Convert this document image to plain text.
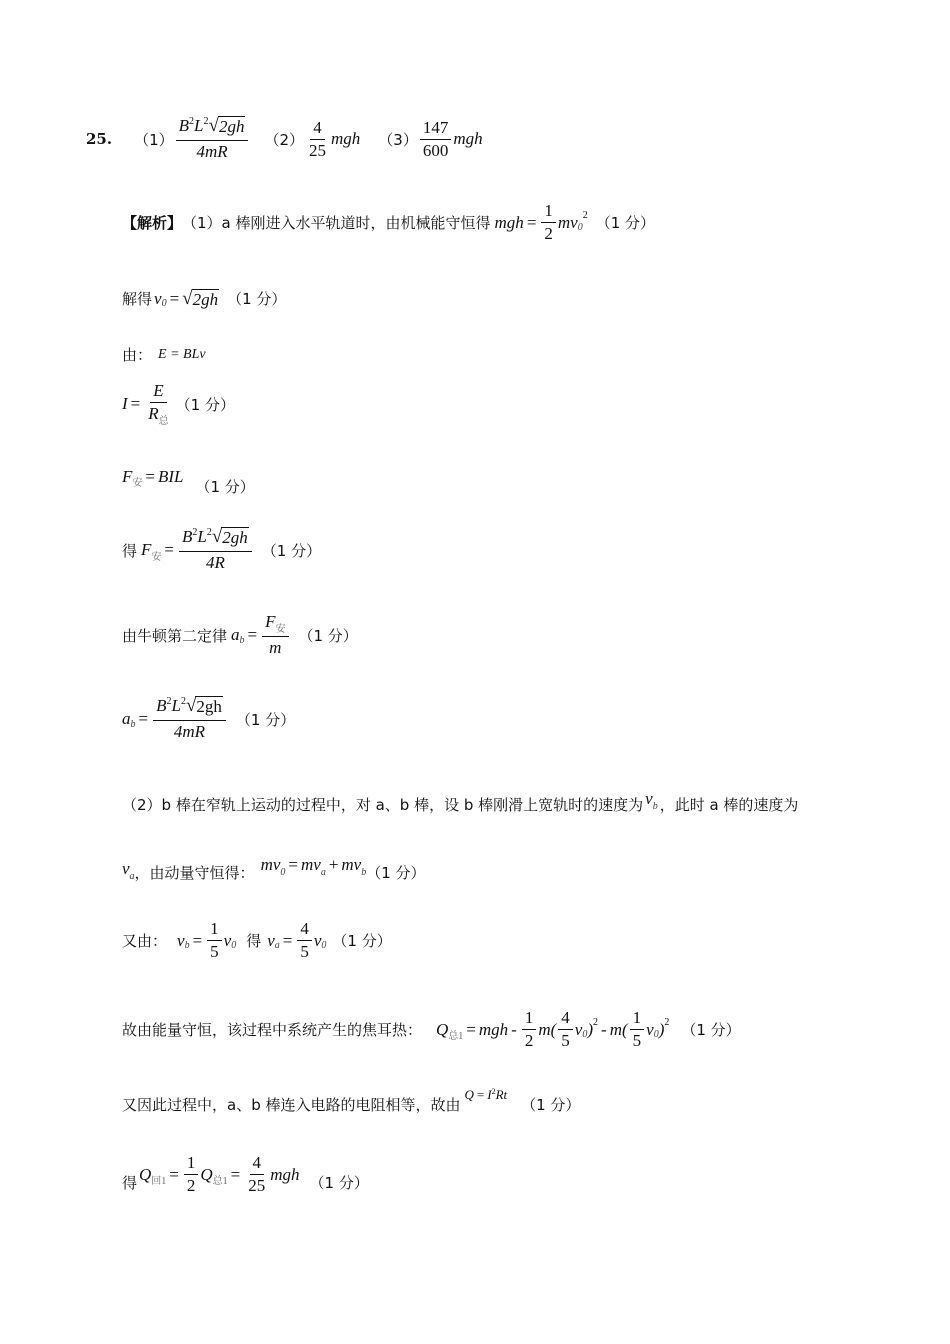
25. $(1) \frac{B^2L^2 √ 2gh}{4mR} (2) \frac{4}{25}$ mgh $(3) \frac{147}{600}$ mgh
【解析】 （1）a 棒刚进入水平轨道时，由机械能守恒得 mgh = $\frac{1}{2}$ mv 0
2 （1 分）
解得 v 0 = √ 2gh （1 分）
由： E = BLv
$I = \frac{E}{R_总} (1$ 分）
F 安 = BIL
（1 分）
得 F 安 = $\frac{B^2L^2 √ 2gh}{4R} (1$ 分）
由牛顿第二定律 a $b = \frac{F_安}{m} (1$ 分）
a $b = \frac{B^2L^2 √ 2gh}{4mR} (1$ 分）
（2）b 棒在窄轨上运动的过程中，对 a、b 棒，设 b 棒刚滑上宽轨时的速度为 $v_b$ ，此时 a 棒的速度为
$v_a$ ，由动量守恒得： $mv_0 = mv_a + mv_b$ （1 分）
又由： v $b = \frac{1}{5}$ v 0 得 v $a = \frac{4}{5}$ v 0 （1 分）
故由能量守恒，该过程中系统产生的焦耳热： Q 总1 = mgh - $\frac{1}{2} m( \frac{4}{5}$ v 0 ) $2 - m( \frac{1}{5}$ v 0 ) 2 （1 分）
又因此过程中，a、b 棒连入电路的电阻相等，故由
$Q = I^2Rt$
（1 分）
得 Q 回$1 = \frac{1}{2}$ Q 总$1 = \frac{4}{25}$ mgh （1 分）
